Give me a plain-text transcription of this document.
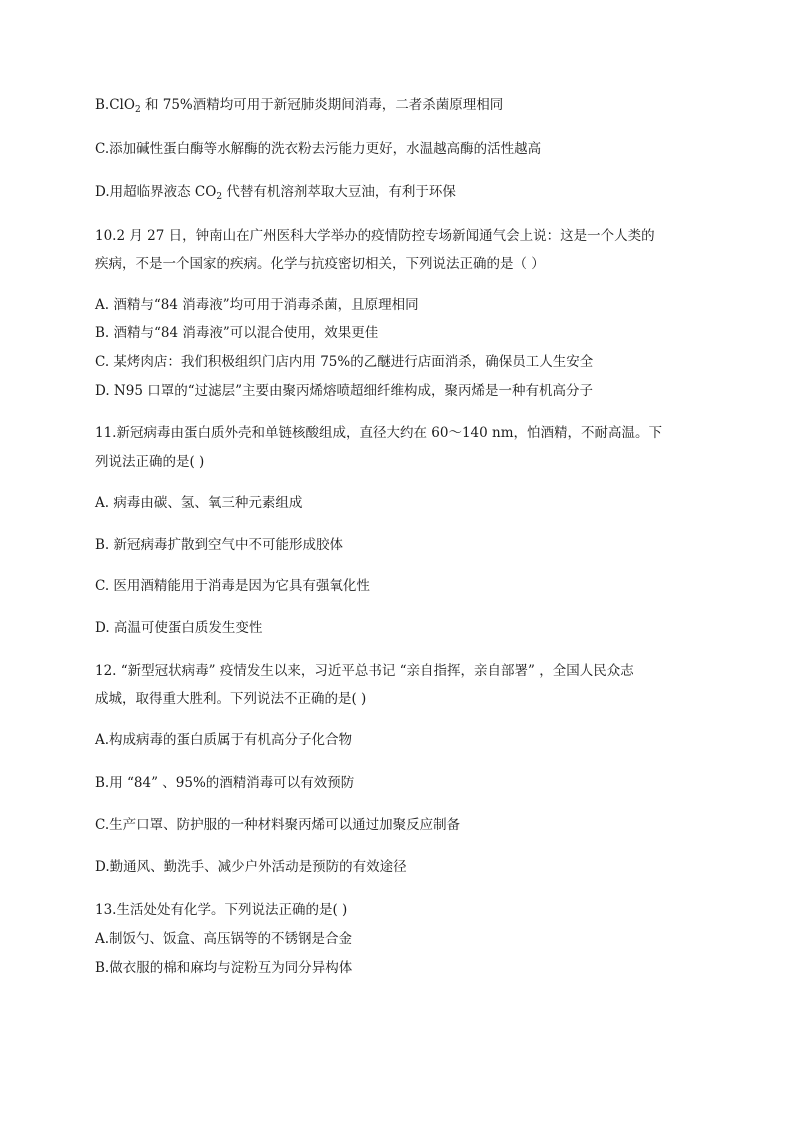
B.ClO$_2$ 和 75%酒精均可用于新冠肺炎期间消毒，二者杀菌原理相同
C.添加碱性蛋白酶等水解酶的洗衣粉去污能力更好，水温越高酶的活性越高
D.用超临界液态 $CO_2$ 代替有机溶剂萃取大豆油，有利于环保
10.2 月 27 日，钟南山在广州医科大学举办的疫情防控专场新闻通气会上说：这是一个人类的
疾病，不是一个国家的疾病。化学与抗疫密切相关，下列说法正确的是（ ）
A. 酒精与“84 消毒液”均可用于消毒杀菌，且原理相同
B. 酒精与“84 消毒液”可以混合使用，效果更佳
C. 某烤肉店：我们积极组织门店内用 75%的乙醚进行店面消杀，确保员工人生安全
D. N95 口罩的“过滤层”主要由聚丙烯熔喷超细纤维构成，聚丙烯是一种有机高分子
11.新冠病毒由蛋白质外壳和单链核酸组成，直径大约在 60～140 nm，怕酒精，不耐高温。下
列说法正确的是( )
A. 病毒由碳、氢、氧三种元素组成
B. 新冠病毒扩散到空气中不可能形成胶体
C. 医用酒精能用于消毒是因为它具有强氧化性
D. 高温可使蛋白质发生变性
12. “新型冠状病毒” 疫情发生以来，习近平总书记 “亲自指挥，亲自部署” ，全国人民众志
成城，取得重大胜利。下列说法不正确的是( )
A.构成病毒的蛋白质属于有机高分子化合物
B.用 “84” 、95%的酒精消毒可以有效预防
C.生产口罩、防护服的一种材料聚丙烯可以通过加聚反应制备
D.勤通风、勤洗手、减少户外活动是预防的有效途径
13.生活处处有化学。下列说法正确的是( )
A.制饭勺、饭盒、高压锅等的不锈钢是合金
B.做衣服的棉和麻均与淀粉互为同分异构体
